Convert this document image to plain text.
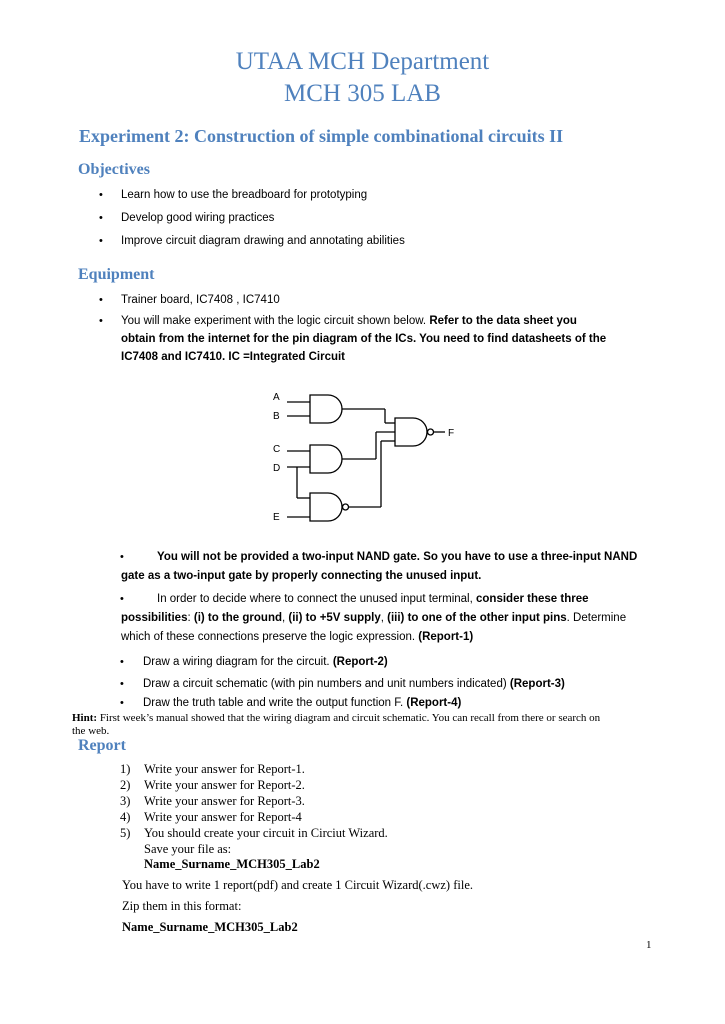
UTAA MCH Department
MCH 305 LAB
Experiment 2: Construction of simple combinational circuits II
Objectives
• Learn how to use the breadboard for prototyping
• Develop good wiring practices
• Improve circuit diagram drawing and annotating abilities
Equipment
• Trainer board, IC7408 , IC7410
• You will make experiment with the logic circuit shown below. Refer to the data sheet you
obtain from the internet for the pin diagram of the ICs. You need to find datasheets of the
IC7408 and IC7410. IC =Integrated Circuit
A
B
C
D
E
F
•	You will not be provided a two-input NAND gate. So you have to use a three-input NAND
gate as a two-input gate by properly connecting the unused input.
•	In order to decide where to connect the unused input terminal, consider these three
possibilities: (i) to the ground, (ii) to +5V supply, (iii) to one of the other input pins. Determine
which of these connections preserve the logic expression. (Report-1)
• Draw a wiring diagram for the circuit. (Report-2)
• Draw a circuit schematic (with pin numbers and unit numbers indicated) (Report-3)
• Draw the truth table and write the output function F. (Report-4)
Hint: First week’s manual showed that the wiring diagram and circuit schematic. You can recall from there or search on
the web.
Report
1) Write your answer for Report-1.
2) Write your answer for Report-2.
3) Write your answer for Report-3.
4) Write your answer for Report-4
5) You should create your circuit in Circiut Wizard.
Save your file as:
Name_Surname_MCH305_Lab2
You have to write 1 report(pdf) and create 1 Circuit Wizard(.cwz) file.
Zip them in this format:
Name_Surname_MCH305_Lab2
1
